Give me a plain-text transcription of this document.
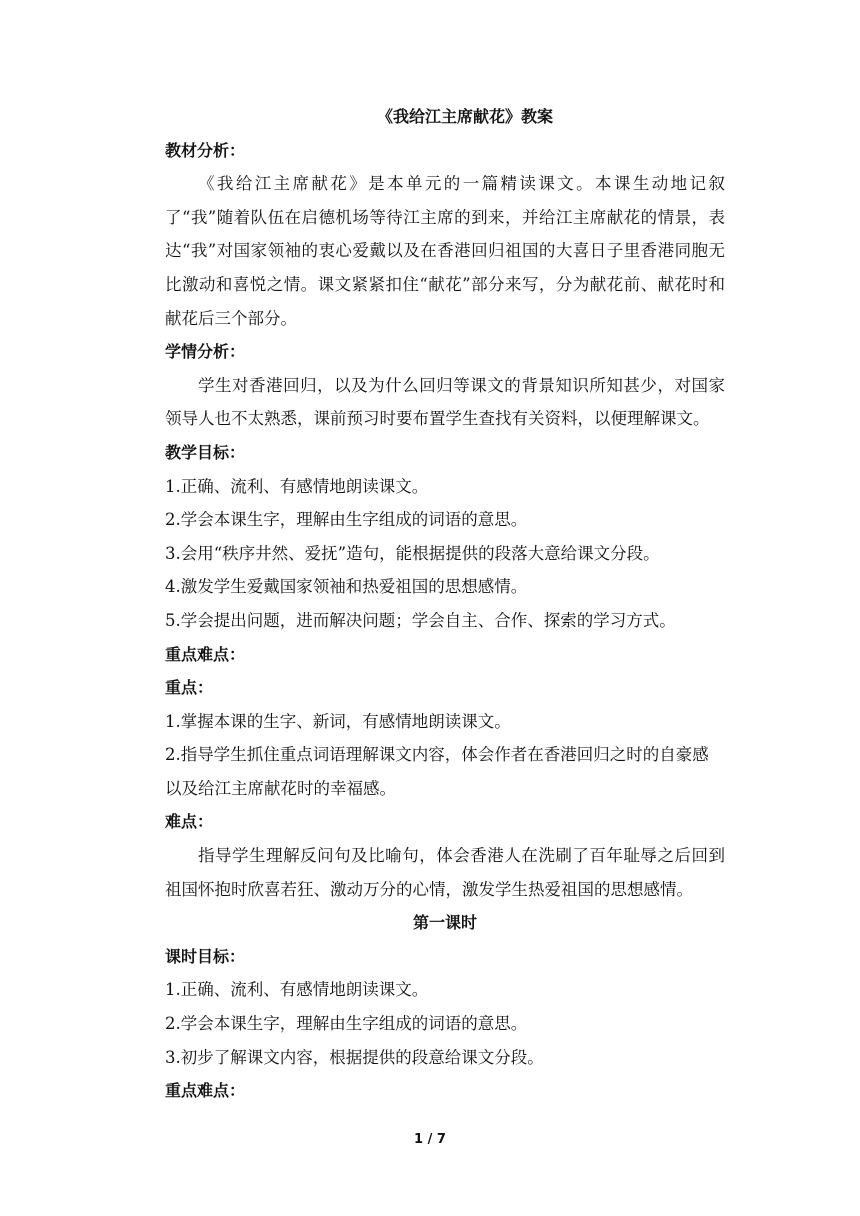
《我给江主席献花》教案

教材分析：

《我给江主席献花》是本单元的一篇精读课文。本课生动地记叙了“我”随着队伍在启德机场等待江主席的到来，并给江主席献花的情景，表达“我”对国家领袖的衷心爱戴以及在香港回归祖国的大喜日子里香港同胞无比激动和喜悦之情。课文紧紧扣住“献花”部分来写，分为献花前、献花时和献花后三个部分。

学情分析：

学生对香港回归，以及为什么回归等课文的背景知识所知甚少，对国家领导人也不太熟悉，课前预习时要布置学生查找有关资料，以便理解课文。

教学目标：

1.正确、流利、有感情地朗读课文。

2.学会本课生字，理解由生字组成的词语的意思。

3.会用“秩序井然、爱抚”造句，能根据提供的段落大意给课文分段。

4.激发学生爱戴国家领袖和热爱祖国的思想感情。

5.学会提出问题，进而解决问题；学会自主、合作、探索的学习方式。

重点难点：

重点：

1.掌握本课的生字、新词，有感情地朗读课文。

2.指导学生抓住重点词语理解课文内容，体会作者在香港回归之时的自豪感以及给江主席献花时的幸福感。

难点：

指导学生理解反问句及比喻句，体会香港人在洗刷了百年耻辱之后回到祖国怀抱时欣喜若狂、激动万分的心情，激发学生热爱祖国的思想感情。

第一课时

课时目标：

1.正确、流利、有感情地朗读课文。

2.学会本课生字，理解由生字组成的词语的意思。

3.初步了解课文内容，根据提供的段意给课文分段。

重点难点：

1 / 7
